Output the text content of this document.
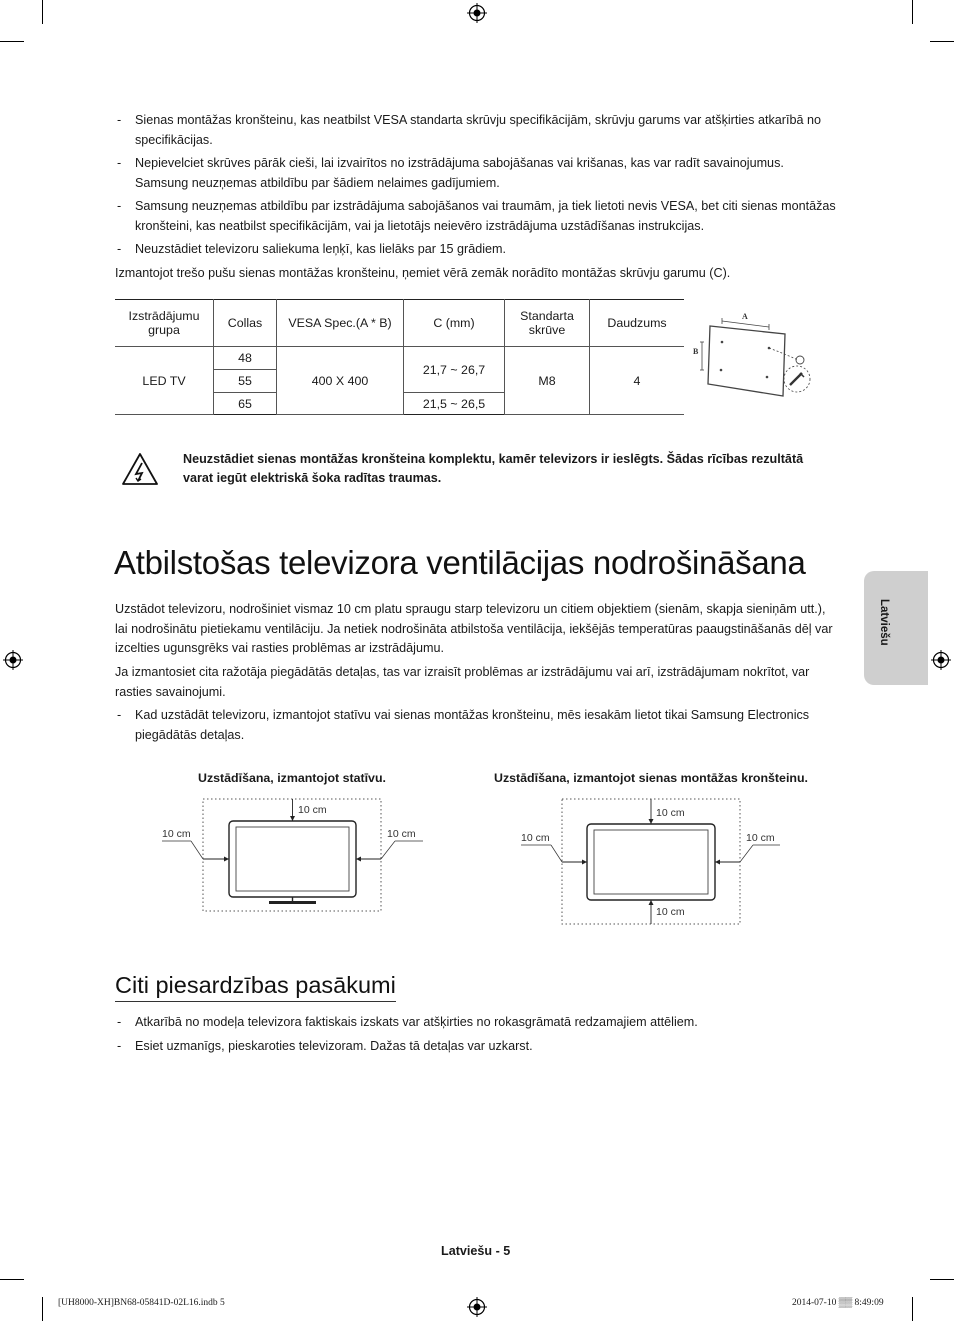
- Sienas montāžas kronšteinu, kas neatbilst VESA standarta skrūvju specifikācijām, skrūvju garums var atšķirties atkarībā no specifikācijas.
- Nepievelciet skrūves pārāk cieši, lai izvairītos no izstrādājuma sabojāšanas vai krišanas, kas var radīt savainojumus. Samsung neuzņemas atbildību par šādiem nelaimes gadījumiem.
- Samsung neuzņemas atbildību par izstrādājuma sabojāšanos vai traumām, ja tiek lietoti nevis VESA, bet citi sienas montāžas kronšteini, kas neatbilst specifikācijām, vai ja lietotājs neievēro izstrādājuma uzstādīšanas instrukcijas.
- Neuzstādiet televizoru saliekuma leņķī, kas lielāks par 15 grādiem.

Izmantojot trešo pušu sienas montāžas kronšteinu, ņemiet vērā zemāk norādīto montāžas skrūvju garumu (C).

Izstrādājumu grupa	Collas	VESA Spec.(A * B)	C (mm)	Standarta skrūve	Daudzums
LED TV	48	400 X 400	21,7 ~ 26,7	M8	4
	55				
	65		21,5 ~ 26,5		
A
B

Neuzstādiet sienas montāžas kronšteina komplektu, kamēr televizors ir ieslēgts. Šādas rīcības rezultātā varat iegūt elektriskā šoka radītas traumas.

Atbilstošas televizora ventilācijas nodrošināšana

Uzstādot televizoru, nodrošiniet vismaz 10 cm platu spraugu starp televizoru un citiem objektiem (sienām, skapja sieniņām utt.), lai nodrošinātu pietiekamu ventilāciju. Ja netiek nodrošināta atbilstoša ventilācija, iekšējās temperatūras paaugstināšanās dēļ var izcelties ugunsgrēks vai rasties problēmas ar izstrādājumu.

Ja izmantosiet cita ražotāja piegādātās detaļas, tas var izraisīt problēmas ar izstrādājumu vai arī, izstrādājumam nokrītot, var rasties savainojumi.

- Kad uzstādāt televizoru, izmantojot statīvu vai sienas montāžas kronšteinu, mēs iesakām lietot tikai Samsung Electronics piegādātās detaļas.
Latviešu
Uzstādīšana, izmantojot statīvu.	Uzstādīšana, izmantojot sienas montāžas kronšteinu.
10 cm
10 cm	10 cm
10 cm
10 cm
10 cm	10 cm
Citi piesardzības pasākumi
- Atkarībā no modeļa televizora faktiskais izskats var atšķirties no rokasgrāmatā redzamajiem attēliem.
- Esiet uzmanīgs, pieskaroties televizoram. Dažas tā detaļas var uzkarst.
Latviešu - 5
[UH8000-XH]BN68-05841D-02L16.indb 5	2014-07-10 ▒▒ 8:49:09
